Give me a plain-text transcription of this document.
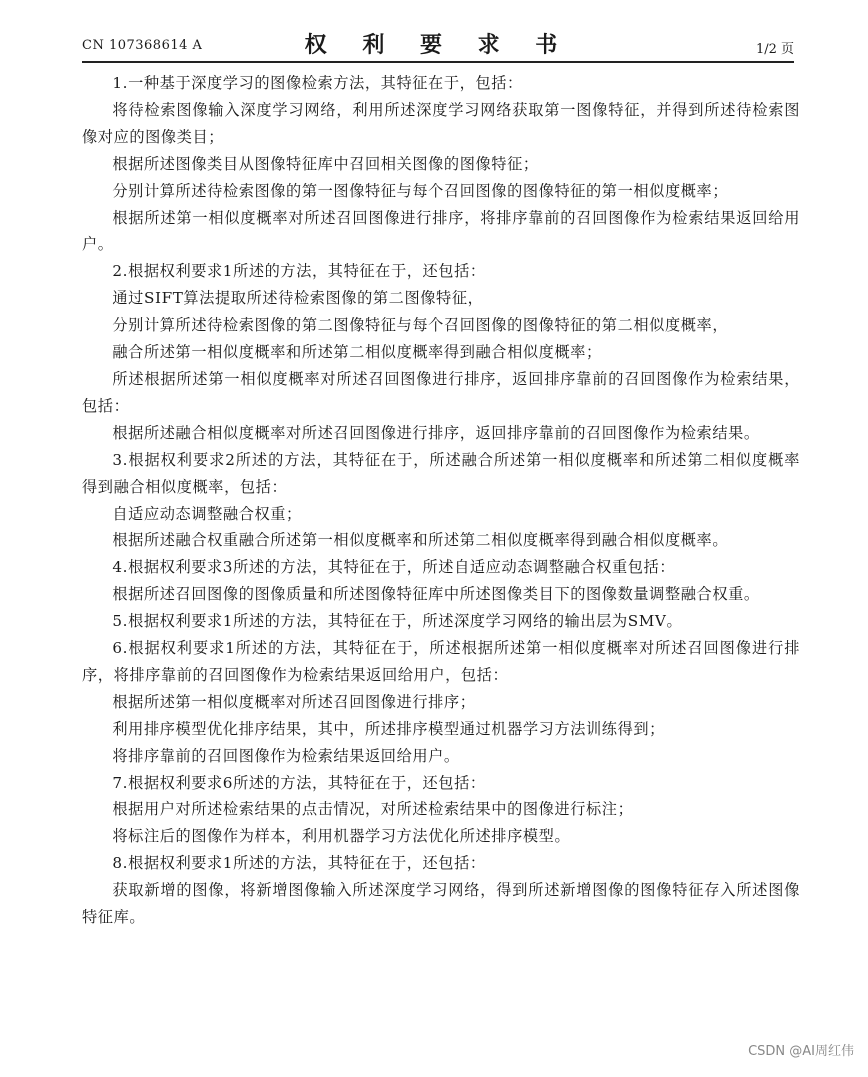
CN 107368614 A	权 利 要 求 书	1/2 页

1.一种基于深度学习的图像检索方法，其特征在于，包括：

将待检索图像输入深度学习网络，利用所述深度学习网络获取第一图像特征，并得到所述待检索图像对应的图像类目；

根据所述图像类目从图像特征库中召回相关图像的图像特征；

分别计算所述待检索图像的第一图像特征与每个召回图像的图像特征的第一相似度概率；

根据所述第一相似度概率对所述召回图像进行排序，将排序靠前的召回图像作为检索结果返回给用户。

2.根据权利要求1所述的方法，其特征在于，还包括：

通过SIFT算法提取所述待检索图像的第二图像特征，

分别计算所述待检索图像的第二图像特征与每个召回图像的图像特征的第二相似度概率，

融合所述第一相似度概率和所述第二相似度概率得到融合相似度概率；

所述根据所述第一相似度概率对所述召回图像进行排序，返回排序靠前的召回图像作为检索结果，包括：

根据所述融合相似度概率对所述召回图像进行排序，返回排序靠前的召回图像作为检索结果。

3.根据权利要求2所述的方法，其特征在于，所述融合所述第一相似度概率和所述第二相似度概率得到融合相似度概率，包括：

自适应动态调整融合权重；

根据所述融合权重融合所述第一相似度概率和所述第二相似度概率得到融合相似度概率。

4.根据权利要求3所述的方法，其特征在于，所述自适应动态调整融合权重包括：

根据所述召回图像的图像质量和所述图像特征库中所述图像类目下的图像数量调整融合权重。

5.根据权利要求1所述的方法，其特征在于，所述深度学习网络的输出层为SMV。

6.根据权利要求1所述的方法，其特征在于，所述根据所述第一相似度概率对所述召回图像进行排序，将排序靠前的召回图像作为检索结果返回给用户，包括：

根据所述第一相似度概率对所述召回图像进行排序；

利用排序模型优化排序结果，其中，所述排序模型通过机器学习方法训练得到；

将排序靠前的召回图像作为检索结果返回给用户。

7.根据权利要求6所述的方法，其特征在于，还包括：

根据用户对所述检索结果的点击情况，对所述检索结果中的图像进行标注；

将标注后的图像作为样本，利用机器学习方法优化所述排序模型。

8.根据权利要求1所述的方法，其特征在于，还包括：

获取新增的图像，将新增图像输入所述深度学习网络，得到所述新增图像的图像特征存入所述图像特征库。

CSDN @AI周红伟
